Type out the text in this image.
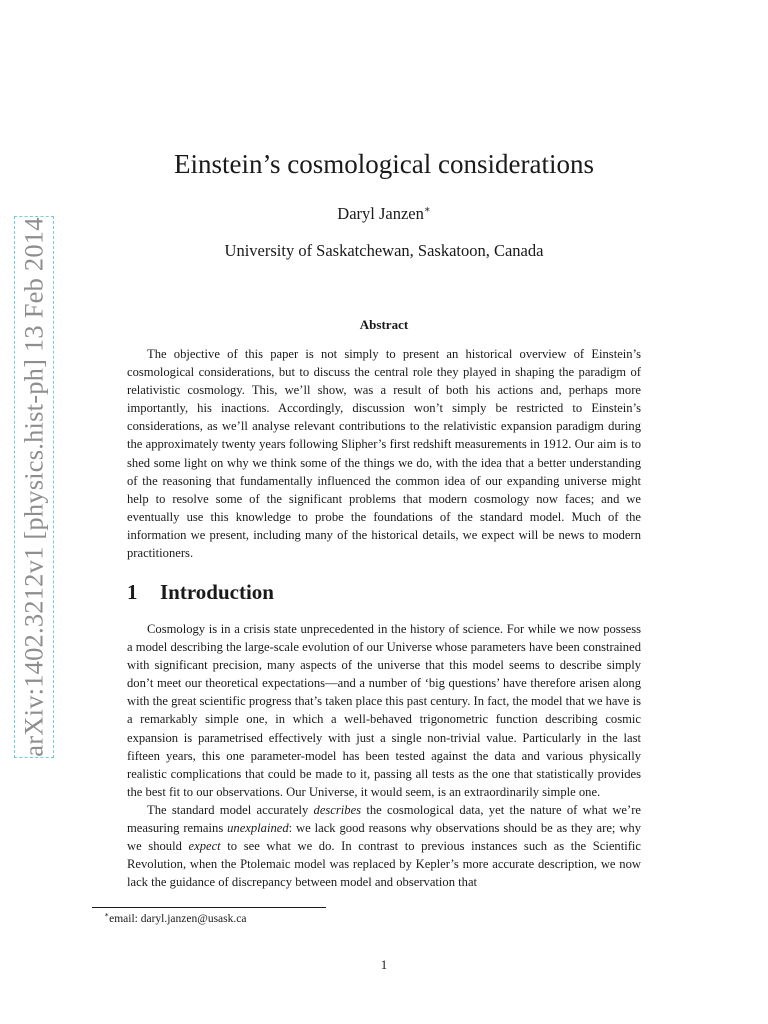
arXiv:1402.3212v1 [physics.hist-ph] 13 Feb 2014
Einstein’s cosmological considerations
Daryl Janzen∗
University of Saskatchewan, Saskatoon, Canada
Abstract

The objective of this paper is not simply to present an historical overview of Einstein’s cosmological considerations, but to discuss the central role they played in shaping the paradigm of relativistic cosmology. This, we’ll show, was a result of both his actions and, perhaps more importantly, his inactions. Accordingly, discussion won’t simply be restricted to Einstein’s considerations, as we’ll analyse relevant contributions to the relativistic expansion paradigm during the approximately twenty years following Slipher’s first redshift measurements in 1912. Our aim is to shed some light on why we think some of the things we do, with the idea that a better understanding of the reasoning that fundamentally influenced the common idea of our expanding universe might help to resolve some of the significant problems that modern cosmology now faces; and we eventually use this knowledge to probe the foundations of the standard model. Much of the information we present, including many of the historical details, we expect will be news to modern practitioners.

1 Introduction

Cosmology is in a crisis state unprecedented in the history of science. For while we now possess a model describing the large-scale evolution of our Universe whose parameters have been constrained with significant precision, many aspects of the universe that this model seems to describe simply don’t meet our theoretical expectations—and a number of ‘big questions’ have therefore arisen along with the great scientific progress that’s taken place this past century. In fact, the model that we have is a remarkably simple one, in which a well-behaved trigonometric function describing cosmic expansion is parametrised effectively with just a single non-trivial value. Particularly in the last fifteen years, this one parameter-model has been tested against the data and various physically realistic complications that could be made to it, passing all tests as the one that statistically provides the best fit to our observations. Our Universe, it would seem, is an extraordinarily simple one.

The standard model accurately describes the cosmological data, yet the nature of what we’re measuring remains unexplained: we lack good reasons why observations should be as they are; why we should expect to see what we do. In contrast to previous instances such as the Scientific Revolution, when the Ptolemaic model was replaced by Kepler’s more accurate description, we now lack the guidance of discrepancy between model and observation that

∗email: daryl.janzen@usask.ca
1
